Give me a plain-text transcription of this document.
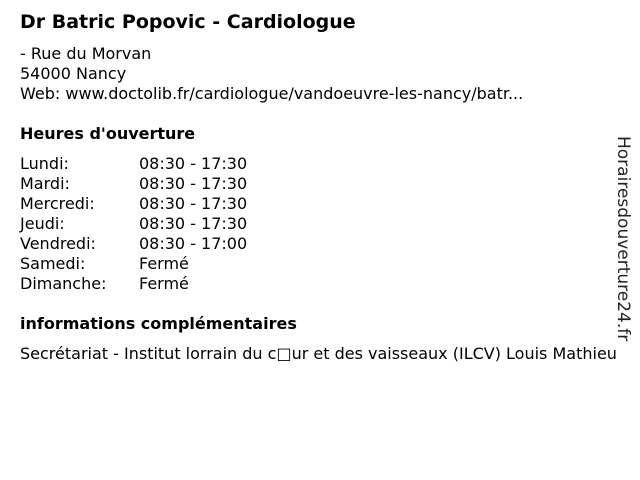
Dr Batric Popovic - Cardiologue
- Rue du Morvan
54000 Nancy
Web: www.doctolib.fr/cardiologue/vandoeuvre-les-nancy/batr...
Heures d'ouverture
Lundi:	08:30 - 17:30
Mardi:	08:30 - 17:30
Mercredi:	08:30 - 17:30
Jeudi:	08:30 - 17:30
Vendredi:	08:30 - 17:00
Samedi:	Fermé
Dimanche: Fermé
informations complémentaires
Secrétariat - Institut lorrain du c□ur et des vaisseaux (ILCV) Louis Mathieu
Horairesdouverture24.fr
